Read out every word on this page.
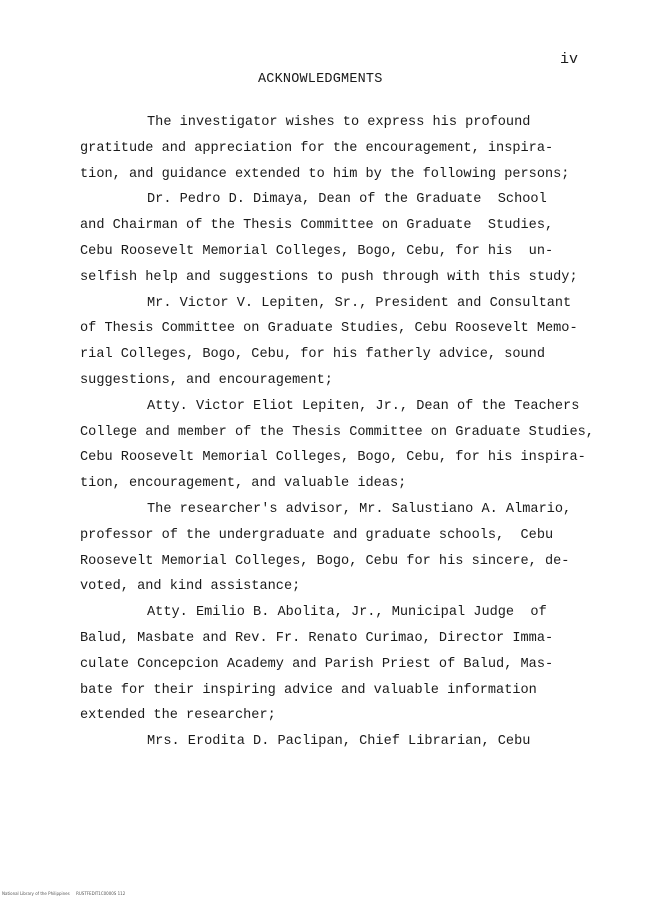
iv
ACKNOWLEDGMENTS
The investigator wishes to express his profound
gratitude and appreciation for the encouragement, inspira-
tion, and guidance extended to him by the following persons;
Dr. Pedro D. Dimaya, Dean of the Graduate  School
and Chairman of the Thesis Committee on Graduate  Studies,
Cebu Roosevelt Memorial Colleges, Bogo, Cebu, for his  un-
selfish help and suggestions to push through with this study;
Mr. Victor V. Lepiten, Sr., President and Consultant
of Thesis Committee on Graduate Studies, Cebu Roosevelt Memo-
rial Colleges, Bogo, Cebu, for his fatherly advice, sound
suggestions, and encouragement;
Atty. Victor Eliot Lepiten, Jr., Dean of the Teachers
College and member of the Thesis Committee on Graduate Studies,
Cebu Roosevelt Memorial Colleges, Bogo, Cebu, for his inspira-
tion, encouragement, and valuable ideas;
The researcher's advisor, Mr. Salustiano A. Almario,
professor of the undergraduate and graduate schools,  Cebu
Roosevelt Memorial Colleges, Bogo, Cebu for his sincere, de-
voted, and kind assistance;
Atty. Emilio B. Abolita, Jr., Municipal Judge  of
Balud, Masbate and Rev. Fr. Renato Curimao, Director Imma-
culate Concepcion Academy and Parish Priest of Balud, Mas-
bate for their inspiring advice and valuable information
extended the researcher;
Mrs. Erodita D. Paclipan, Chief Librarian, Cebu
National Library of the Philippines     RUSTFEDIT1C0000S 112
